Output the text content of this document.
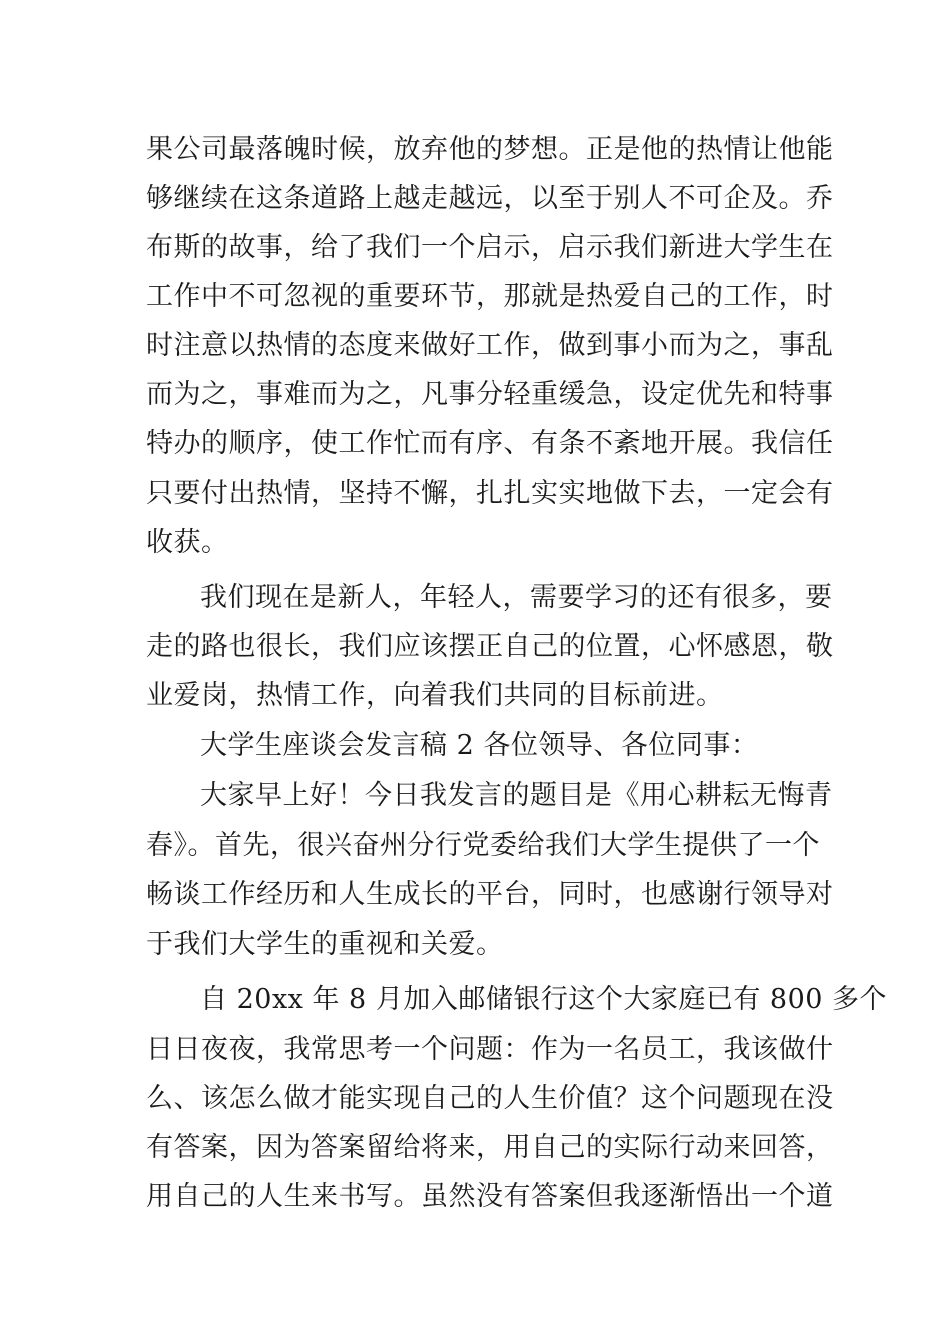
果公司最落魄时候，放弃他的梦想。正是他的热情让他能
够继续在这条道路上越走越远，以至于别人不可企及。乔
布斯的故事，给了我们一个启示，启示我们新进大学生在
工作中不可忽视的重要环节，那就是热爱自己的工作，时
时注意以热情的态度来做好工作，做到事小而为之，事乱
而为之，事难而为之，凡事分轻重缓急，设定优先和特事
特办的顺序，使工作忙而有序、有条不紊地开展。我信任
只要付出热情，坚持不懈，扎扎实实地做下去，一定会有
收获。
我们现在是新人，年轻人，需要学习的还有很多，要
走的路也很长，我们应该摆正自己的位置，心怀感恩，敬
业爱岗，热情工作，向着我们共同的目标前进。
大学生座谈会发言稿 2 各位领导、各位同事：
大家早上好！今日我发言的题目是《用心耕耘无悔青
春》。首先，很兴奋州分行党委给我们大学生提供了一个
畅谈工作经历和人生成长的平台，同时，也感谢行领导对
于我们大学生的重视和关爱。
自 20xx 年 8 月加入邮储银行这个大家庭已有 800 多个
日日夜夜，我常思考一个问题：作为一名员工，我该做什
么、该怎么做才能实现自己的人生价值？这个问题现在没
有答案，因为答案留给将来，用自己的实际行动来回答，
用自己的人生来书写。虽然没有答案但我逐渐悟出一个道
